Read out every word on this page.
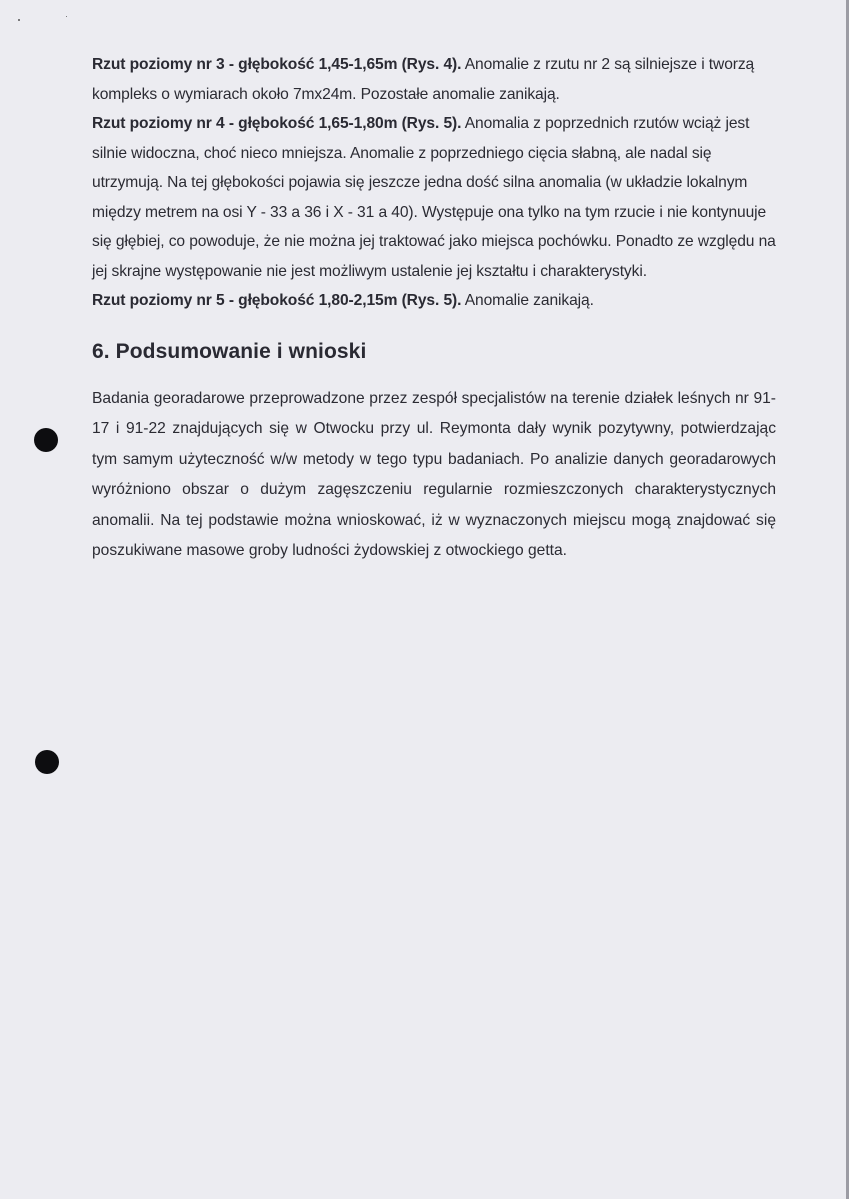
Rzut poziomy nr 3 - głębokość 1,45-1,65m (Rys. 4). Anomalie z rzutu nr 2 są silniejsze i tworzą kompleks o wymiarach około 7mx24m. Pozostałe anomalie zanikają.

Rzut poziomy nr 4 - głębokość 1,65-1,80m (Rys. 5). Anomalia z poprzednich rzutów wciąż jest silnie widoczna, choć nieco mniejsza. Anomalie z poprzedniego cięcia słabną, ale nadal się utrzymują. Na tej głębokości pojawia się jeszcze jedna dość silna anomalia (w układzie lokalnym między metrem na osi Y - 33 a 36 i X - 31 a 40). Występuje ona tylko na tym rzucie i nie kontynuuje się głębiej, co powoduje, że nie można jej traktować jako miejsca pochówku. Ponadto ze względu na jej skrajne występowanie nie jest możliwym ustalenie jej kształtu i charakterystyki.

Rzut poziomy nr 5 - głębokość 1,80-2,15m (Rys. 5). Anomalie zanikają.

6. Podsumowanie i wnioski

Badania georadarowe przeprowadzone przez zespół specjalistów na terenie działek leśnych nr 91-17 i 91-22 znajdujących się w Otwocku przy ul. Reymonta dały wynik pozytywny, potwierdzając tym samym użyteczność w/w metody w tego typu badaniach. Po analizie danych georadarowych wyróżniono obszar o dużym zagęszczeniu regularnie rozmieszczonych charakterystycznych anomalii. Na tej podstawie można wnioskować, iż w wyznaczonych miejscu mogą znajdować się poszukiwane masowe groby ludności żydowskiej z otwockiego getta.
